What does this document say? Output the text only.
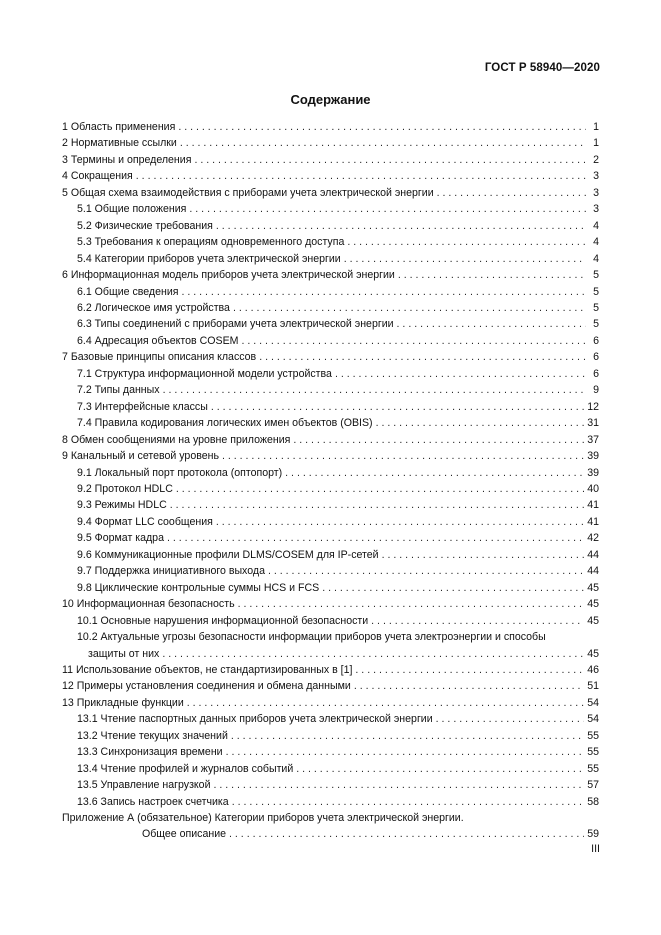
ГОСТ Р 58940—2020
Содержание
1 Область применения . . .	1
2 Нормативные ссылки . . .	1
3 Термины и определения . . .	2
4 Сокращения . . .	3
5 Общая схема взаимодействия с приборами учета электрической энергии . . .	3
5.1 Общие положения . . .	3
5.2 Физические требования . . .	4
5.3 Требования к операциям одновременного доступа . . .	4
5.4 Категории приборов учета электрической энергии . . .	4
6 Информационная модель приборов учета электрической энергии . . .	5
6.1 Общие сведения . . .	5
6.2 Логическое имя устройства . . .	5
6.3 Типы соединений с приборами учета электрической энергии . . .	5
6.4 Адресация объектов COSEM . . .	6
7 Базовые принципы описания классов . . .	6
7.1 Структура информационной модели устройства . . .	6
7.2 Типы данных . . .	9
7.3 Интерфейсные классы . . .	12
7.4 Правила кодирования логических имен объектов (OBIS) . . .	31
8 Обмен сообщениями на уровне приложения . . .	37
9 Канальный и сетевой уровень . . .	39
9.1 Локальный порт протокола (оптопорт) . . .	39
9.2 Протокол HDLC . . .	40
9.3 Режимы HDLC . . .	41
9.4 Формат LLC сообщения . . .	41
9.5 Формат кадра . . .	42
9.6 Коммуникационные профили DLMS/COSEM для IP-сетей . . .	44
9.7 Поддержка инициативного выхода . . .	44
9.8 Циклические контрольные суммы HCS и FCS . . .	45
10 Информационная безопасность . . .	45
10.1 Основные нарушения информационной безопасности . . .	45
10.2 Актуальные угрозы безопасности информации приборов учета электроэнергии и способы
защиты от них . . .	45
11 Использование объектов, не стандартизированных в [1] . . .	46
12 Примеры установления соединения и обмена данными . . .	51
13 Прикладные функции . . .	54
13.1 Чтение паспортных данных приборов учета электрической энергии . . .	54
13.2 Чтение текущих значений . . .	55
13.3 Синхронизация времени . . .	55
13.4 Чтение профилей и журналов событий . . .	55
13.5 Управление нагрузкой . . .	57
13.6 Запись настроек счетчика . . .	58
Приложение А (обязательное) Категории приборов учета электрической энергии.
Общее описание . . .	59
III
